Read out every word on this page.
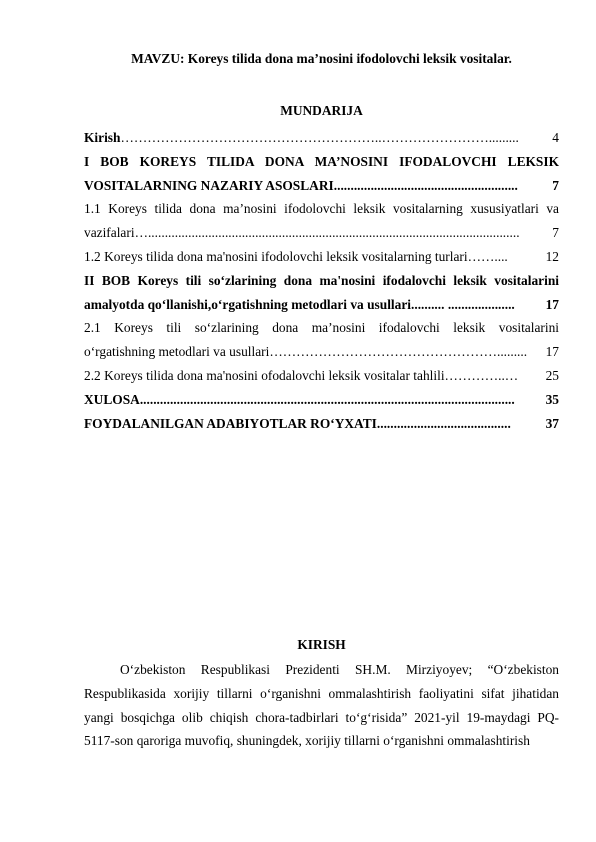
MAVZU: Koreys tilida dona ma’nosini ifodolovchi leksik vositalar.
MUNDARIJA
Kirish …………………………………………………..…………………….........	4
I BOB KOREYS TILIDA DONA MA’NOSINI IFODALOVCHI LEKSIK
VOSITALARNING NAZARIY ASOSLARI .......................................................	7
1.1 Koreys tilida dona ma’nosini ifodolovchi leksik vositalarning xususiyatlari va
vazifalari …...............................................................................................................	7
1.2 Koreys tilida dona ma'nosini ifodolovchi leksik vositalarning turlari ……....	12
II BOB Koreys tili so‘zlarining dona ma'nosini ifodalovchi leksik vositalarini
amalyotda qo‘llanishi,o‘rgatishning metodlari va usullari .......... ....................	17
2.1 Koreys tili so‘zlarining dona ma’nosini ifodalovchi leksik vositalarini
o‘rgatishning metodlari va usullari …………………………………………….........	17
2.2 Koreys tilida dona ma'nosini ofodalovchi leksik vositalar tahlili …………..…	25
XULOSA ................................................................................................................	35
FOYDALANILGAN ADABIYOTLAR RO‘YXATI ........................................	37
KIRISH
O‘zbekiston Respublikasi Prezidenti SH.M. Mirziyoyev; “O‘zbekiston Respublikasida xorijiy tillarni o‘rganishni ommalashtirish faoliyatini sifat jihatidan yangi bosqichga olib chiqish chora-tadbirlari to‘g‘risida” 2021-yil 19-maydagi PQ-5117-son qaroriga muvofiq, shuningdek, xorijiy tillarni o‘rganishni ommalashtirish
